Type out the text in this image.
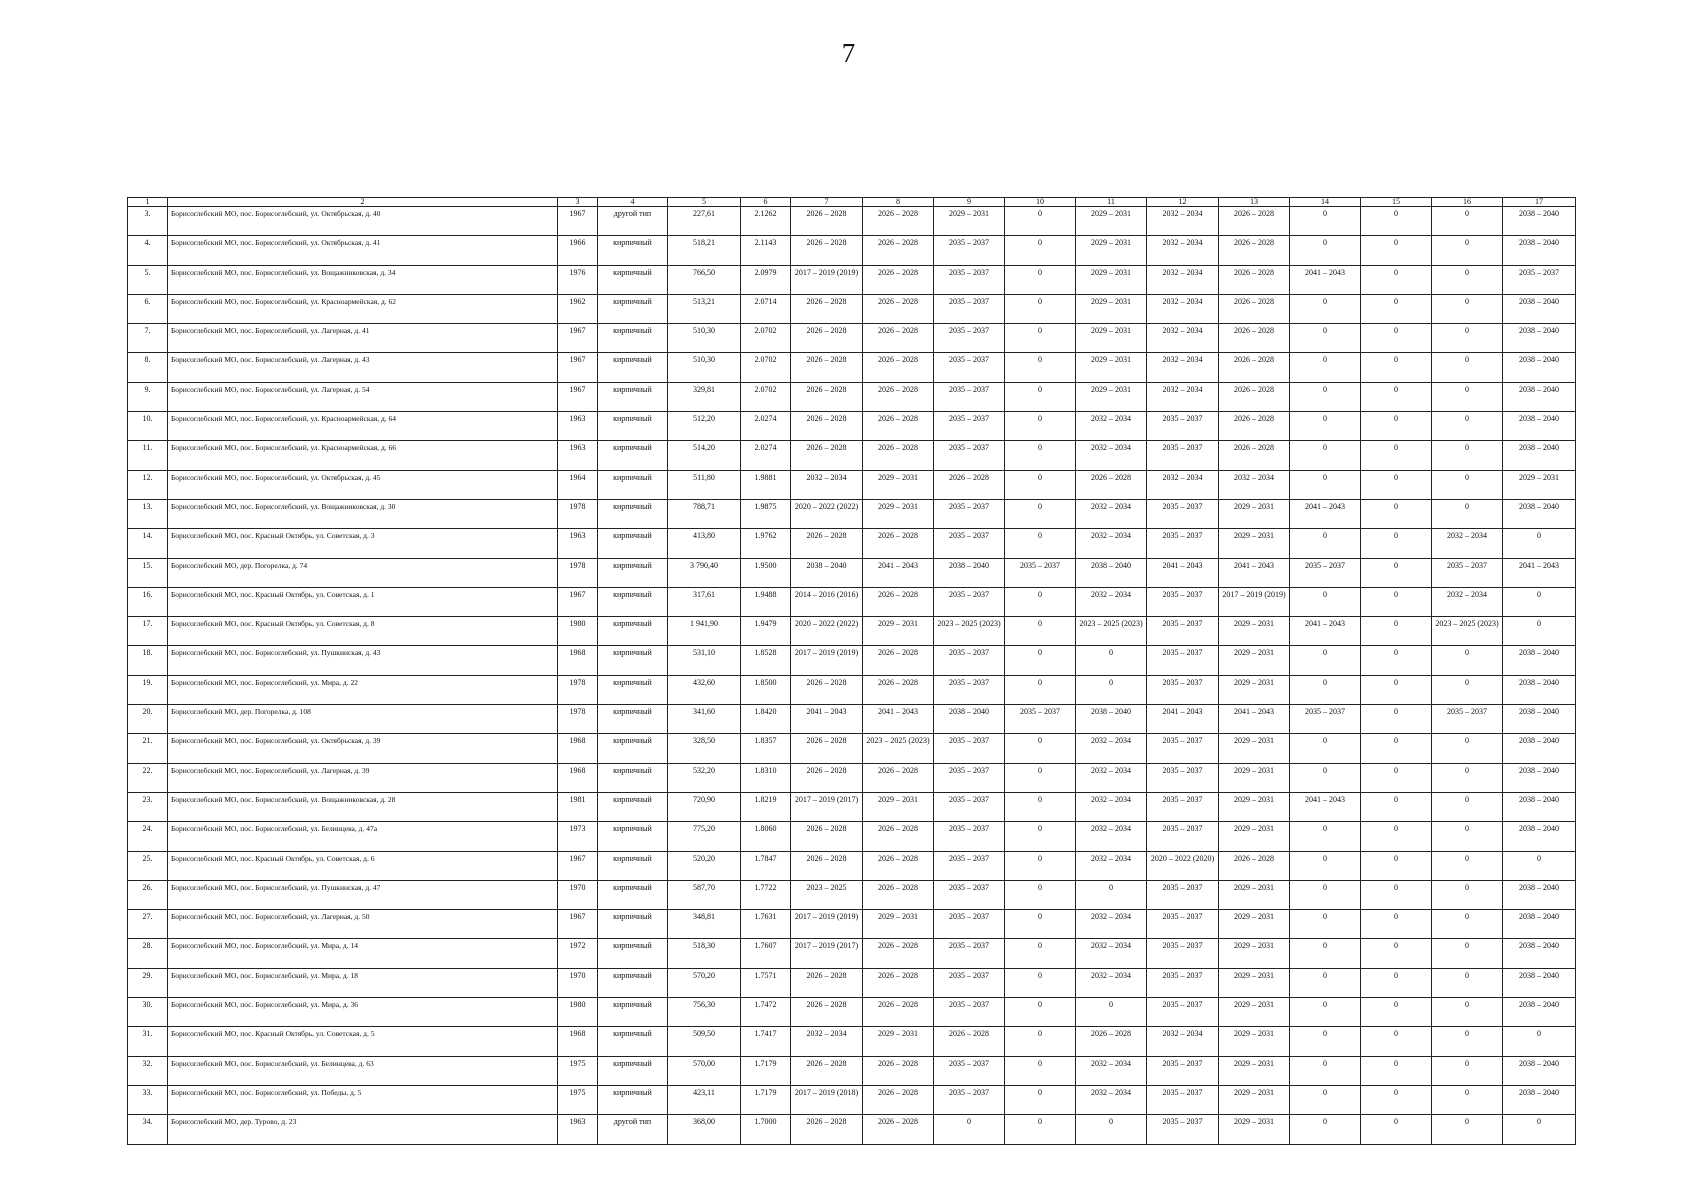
7
1	2	3	4	5	6	7	8	9	10	11	12	13	14	15	16	17
3.	Борисоглебский МО, пос. Борисоглебский, ул. Октябрьская, д. 40	1967	другой тип	227,61	2.1262	2026 – 2028	2026 – 2028	2029 – 2031	0	2029 – 2031	2032 – 2034	2026 – 2028	0	0	0	2038 – 2040
4.	Борисоглебский МО, пос. Борисоглебский, ул. Октябрьская, д. 41	1966	кирпичный	518,21	2.1143	2026 – 2028	2026 – 2028	2035 – 2037	0	2029 – 2031	2032 – 2034	2026 – 2028	0	0	0	2038 – 2040
5.	Борисоглебский МО, пос. Борисоглебский, ул. Вощажниковская, д. 34	1976	кирпичный	766,50	2.0979	2017 – 2019 (2019)	2026 – 2028	2035 – 2037	0	2029 – 2031	2032 – 2034	2026 – 2028	2041 – 2043	0	0	2035 – 2037
6.	Борисоглебский МО, пос. Борисоглебский, ул. Красноармейская, д. 62	1962	кирпичный	513,21	2.0714	2026 – 2028	2026 – 2028	2035 – 2037	0	2029 – 2031	2032 – 2034	2026 – 2028	0	0	0	2038 – 2040
7.	Борисоглебский МО, пос. Борисоглебский, ул. Лагерная, д. 41	1967	кирпичный	510,30	2.0702	2026 – 2028	2026 – 2028	2035 – 2037	0	2029 – 2031	2032 – 2034	2026 – 2028	0	0	0	2038 – 2040
8.	Борисоглебский МО, пос. Борисоглебский, ул. Лагерная, д. 43	1967	кирпичный	510,30	2.0702	2026 – 2028	2026 – 2028	2035 – 2037	0	2029 – 2031	2032 – 2034	2026 – 2028	0	0	0	2038 – 2040
9.	Борисоглебский МО, пос. Борисоглебский, ул. Лагерная, д. 54	1967	кирпичный	329,81	2.0702	2026 – 2028	2026 – 2028	2035 – 2037	0	2029 – 2031	2032 – 2034	2026 – 2028	0	0	0	2038 – 2040
10.	Борисоглебский МО, пос. Борисоглебский, ул. Красноармейская, д. 64	1963	кирпичный	512,20	2.0274	2026 – 2028	2026 – 2028	2035 – 2037	0	2032 – 2034	2035 – 2037	2026 – 2028	0	0	0	2038 – 2040
11.	Борисоглебский МО, пос. Борисоглебский, ул. Красноармейская, д. 66	1963	кирпичный	514,20	2.0274	2026 – 2028	2026 – 2028	2035 – 2037	0	2032 – 2034	2035 – 2037	2026 – 2028	0	0	0	2038 – 2040
12.	Борисоглебский МО, пос. Борисоглебский, ул. Октябрьская, д. 45	1964	кирпичный	511,80	1.9881	2032 – 2034	2029 – 2031	2026 – 2028	0	2026 – 2028	2032 – 2034	2032 – 2034	0	0	0	2029 – 2031
13.	Борисоглебский МО, пос. Борисоглебский, ул. Вощажниковская, д. 30	1978	кирпичный	788,71	1.9875	2020 – 2022 (2022)	2029 – 2031	2035 – 2037	0	2032 – 2034	2035 – 2037	2029 – 2031	2041 – 2043	0	0	2038 – 2040
14.	Борисоглебский МО, пос. Красный Октябрь, ул. Советская, д. 3	1963	кирпичный	413,80	1.9762	2026 – 2028	2026 – 2028	2035 – 2037	0	2032 – 2034	2035 – 2037	2029 – 2031	0	0	2032 – 2034	0
15.	Борисоглебский МО, дер. Погорелка, д. 74	1978	кирпичный	3 790,40	1.9500	2038 – 2040	2041 – 2043	2038 – 2040	2035 – 2037	2038 – 2040	2041 – 2043	2041 – 2043	2035 – 2037	0	2035 – 2037	2041 – 2043
16.	Борисоглебский МО, пос. Красный Октябрь, ул. Советская, д. 1	1967	кирпичный	317,61	1.9488	2014 – 2016 (2016)	2026 – 2028	2035 – 2037	0	2032 – 2034	2035 – 2037	2017 – 2019 (2019)	0	0	2032 – 2034	0
17.	Борисоглебский МО, пос. Красный Октябрь, ул. Советская, д. 8	1980	кирпичный	1 941,90	1.9479	2020 – 2022 (2022)	2029 – 2031	2023 – 2025 (2023)	0	2023 – 2025 (2023)	2035 – 2037	2029 – 2031	2041 – 2043	0	2023 – 2025 (2023)	0
18.	Борисоглебский МО, пос. Борисоглебский, ул. Пушкинская, д. 43	1968	кирпичный	531,10	1.8528	2017 – 2019 (2019)	2026 – 2028	2035 – 2037	0	0	2035 – 2037	2029 – 2031	0	0	0	2038 – 2040
19.	Борисоглебский МО, пос. Борисоглебский, ул. Мира, д. 22	1978	кирпичный	432,60	1.8500	2026 – 2028	2026 – 2028	2035 – 2037	0	0	2035 – 2037	2029 – 2031	0	0	0	2038 – 2040
20.	Борисоглебский МО, дер. Погорелка, д. 108	1978	кирпичный	341,60	1.8420	2041 – 2043	2041 – 2043	2038 – 2040	2035 – 2037	2038 – 2040	2041 – 2043	2041 – 2043	2035 – 2037	0	2035 – 2037	2038 – 2040
21.	Борисоглебский МО, пос. Борисоглебский, ул. Октябрьская, д. 39	1968	кирпичный	328,50	1.8357	2026 – 2028	2023 – 2025 (2023)	2035 – 2037	0	2032 – 2034	2035 – 2037	2029 – 2031	0	0	0	2038 – 2040
22.	Борисоглебский МО, пос. Борисоглебский, ул. Лагерная, д. 39	1968	кирпичный	532,20	1.8310	2026 – 2028	2026 – 2028	2035 – 2037	0	2032 – 2034	2035 – 2037	2029 – 2031	0	0	0	2038 – 2040
23.	Борисоглебский МО, пос. Борисоглебский, ул. Вощажниковская, д. 28	1981	кирпичный	720,90	1.8219	2017 – 2019 (2017)	2029 – 2031	2035 – 2037	0	2032 – 2034	2035 – 2037	2029 – 2031	2041 – 2043	0	0	2038 – 2040
24.	Борисоглебский МО, пос. Борисоглебский, ул. Белинцева, д. 47а	1973	кирпичный	775,20	1.8060	2026 – 2028	2026 – 2028	2035 – 2037	0	2032 – 2034	2035 – 2037	2029 – 2031	0	0	0	2038 – 2040
25.	Борисоглебский МО, пос. Красный Октябрь, ул. Советская, д. 6	1967	кирпичный	520,20	1.7847	2026 – 2028	2026 – 2028	2035 – 2037	0	2032 – 2034	2020 – 2022 (2020)	2026 – 2028	0	0	0	0
26.	Борисоглебский МО, пос. Борисоглебский, ул. Пушкинская, д. 47	1970	кирпичный	587,70	1.7722	2023 – 2025	2026 – 2028	2035 – 2037	0	0	2035 – 2037	2029 – 2031	0	0	0	2038 – 2040
27.	Борисоглебский МО, пос. Борисоглебский, ул. Лагерная, д. 50	1967	кирпичный	348,81	1.7631	2017 – 2019 (2019)	2029 – 2031	2035 – 2037	0	2032 – 2034	2035 – 2037	2029 – 2031	0	0	0	2038 – 2040
28.	Борисоглебский МО, пос. Борисоглебский, ул. Мира, д. 14	1972	кирпичный	518,30	1.7607	2017 – 2019 (2017)	2026 – 2028	2035 – 2037	0	2032 – 2034	2035 – 2037	2029 – 2031	0	0	0	2038 – 2040
29.	Борисоглебский МО, пос. Борисоглебский, ул. Мира, д. 18	1970	кирпичный	570,20	1.7571	2026 – 2028	2026 – 2028	2035 – 2037	0	2032 – 2034	2035 – 2037	2029 – 2031	0	0	0	2038 – 2040
30.	Борисоглебский МО, пос. Борисоглебский, ул. Мира, д. 36	1980	кирпичный	756,30	1.7472	2026 – 2028	2026 – 2028	2035 – 2037	0	0	2035 – 2037	2029 – 2031	0	0	0	2038 – 2040
31.	Борисоглебский МО, пос. Красный Октябрь, ул. Советская, д. 5	1968	кирпичный	509,50	1.7417	2032 – 2034	2029 – 2031	2026 – 2028	0	2026 – 2028	2032 – 2034	2029 – 2031	0	0	0	0
32.	Борисоглебский МО, пос. Борисоглебский, ул. Белинцева, д. 63	1975	кирпичный	570,00	1.7179	2026 – 2028	2026 – 2028	2035 – 2037	0	2032 – 2034	2035 – 2037	2029 – 2031	0	0	0	2038 – 2040
33.	Борисоглебский МО, пос. Борисоглебский, ул. Победы, д. 5	1975	кирпичный	423,11	1.7179	2017 – 2019 (2018)	2026 – 2028	2035 – 2037	0	2032 – 2034	2035 – 2037	2029 – 2031	0	0	0	2038 – 2040
34.	Борисоглебский МО, дер. Турово, д. 23	1963	другой тип	368,00	1.7000	2026 – 2028	2026 – 2028	0	0	0	2035 – 2037	2029 – 2031	0	0	0	0
